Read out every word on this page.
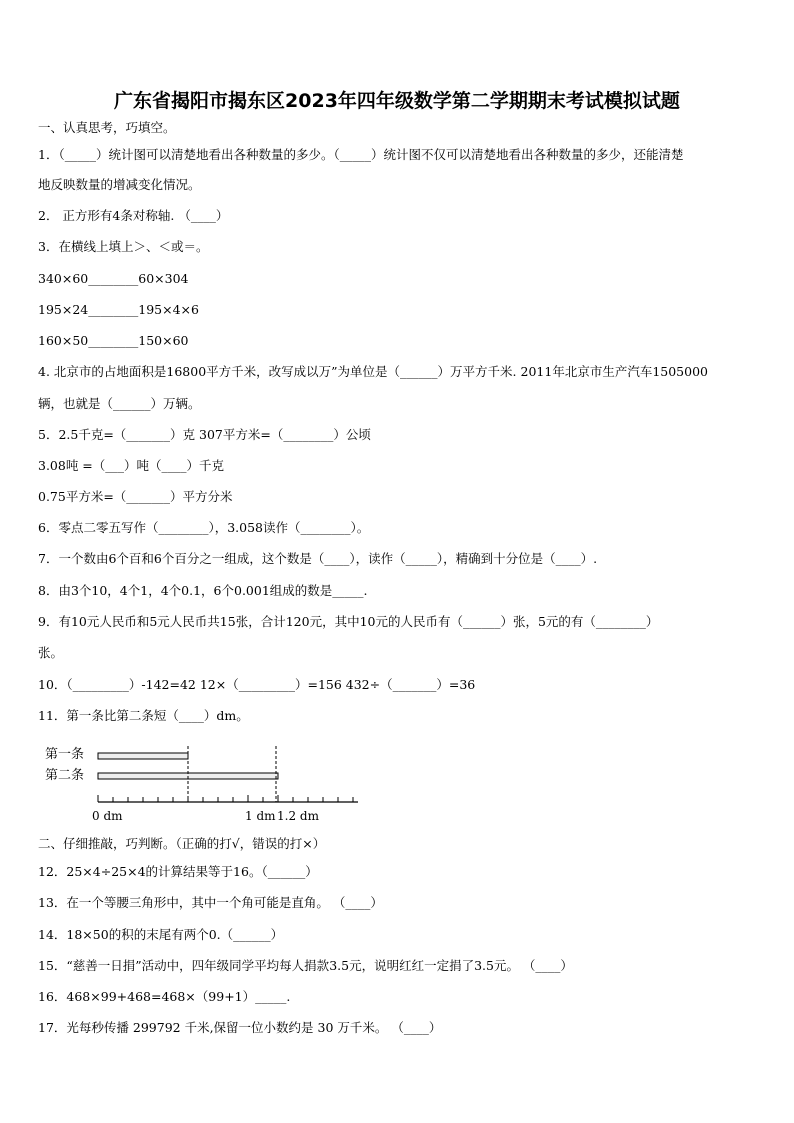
广东省揭阳市揭东区2023年四年级数学第二学期期末考试模拟试题
一、认真思考，巧填空。
1．（_____）统计图可以清楚地看出各种数量的多少。（_____）统计图不仅可以清楚地看出各种数量的多少，还能清楚
地反映数量的增减变化情况。
2． 正方形有4条对称轴. （____）
3．在横线上填上＞、＜或＝。
340×60________60×304
195×24________195×4×6
160×50________150×60
4. 北京市的占地面积是16800平方千米，改写成以万”为单位是（______）万平方千米. 2011年北京市生产汽车1505000
辆，也就是（______）万辆。
5．2.5千克=（_______）克 307平方米=（________）公顷
3.08吨 =（___）吨（____）千克
0.75平方米=（_______）平方分米
6．零点二零五写作（________），3.058读作（________）。
7．一个数由6个百和6个百分之一组成，这个数是（____），读作（_____），精确到十分位是（____）.
8．由3个10，4个1，4个0.1，6个0.001组成的数是_____.
9．有10元人民币和5元人民币共15张，合计120元，其中10元的人民币有（______）张，5元的有（________）
张。
10．（_________）-142=42 12×（_________）=156 432÷（_______）=36
11．第一条比第二条短（____）dm。
第一条
第二条
0 dm	1 dm 1.2 dm
二、仔细推敲，巧判断。（正确的打√，错误的打×）
12．25×4÷25×4的计算结果等于16。（______）
13．在一个等腰三角形中，其中一个角可能是直角。 （____）
14．18×50的积的末尾有两个0.（______）
15．“慈善一日捐”活动中，四年级同学平均每人捐款3.5元，说明红红一定捐了3.5元。 （____）
16．468×99+468=468×（99+1）_____.
17．光每秒传播 299792 千米,保留一位小数约是 30 万千米。 （____）
